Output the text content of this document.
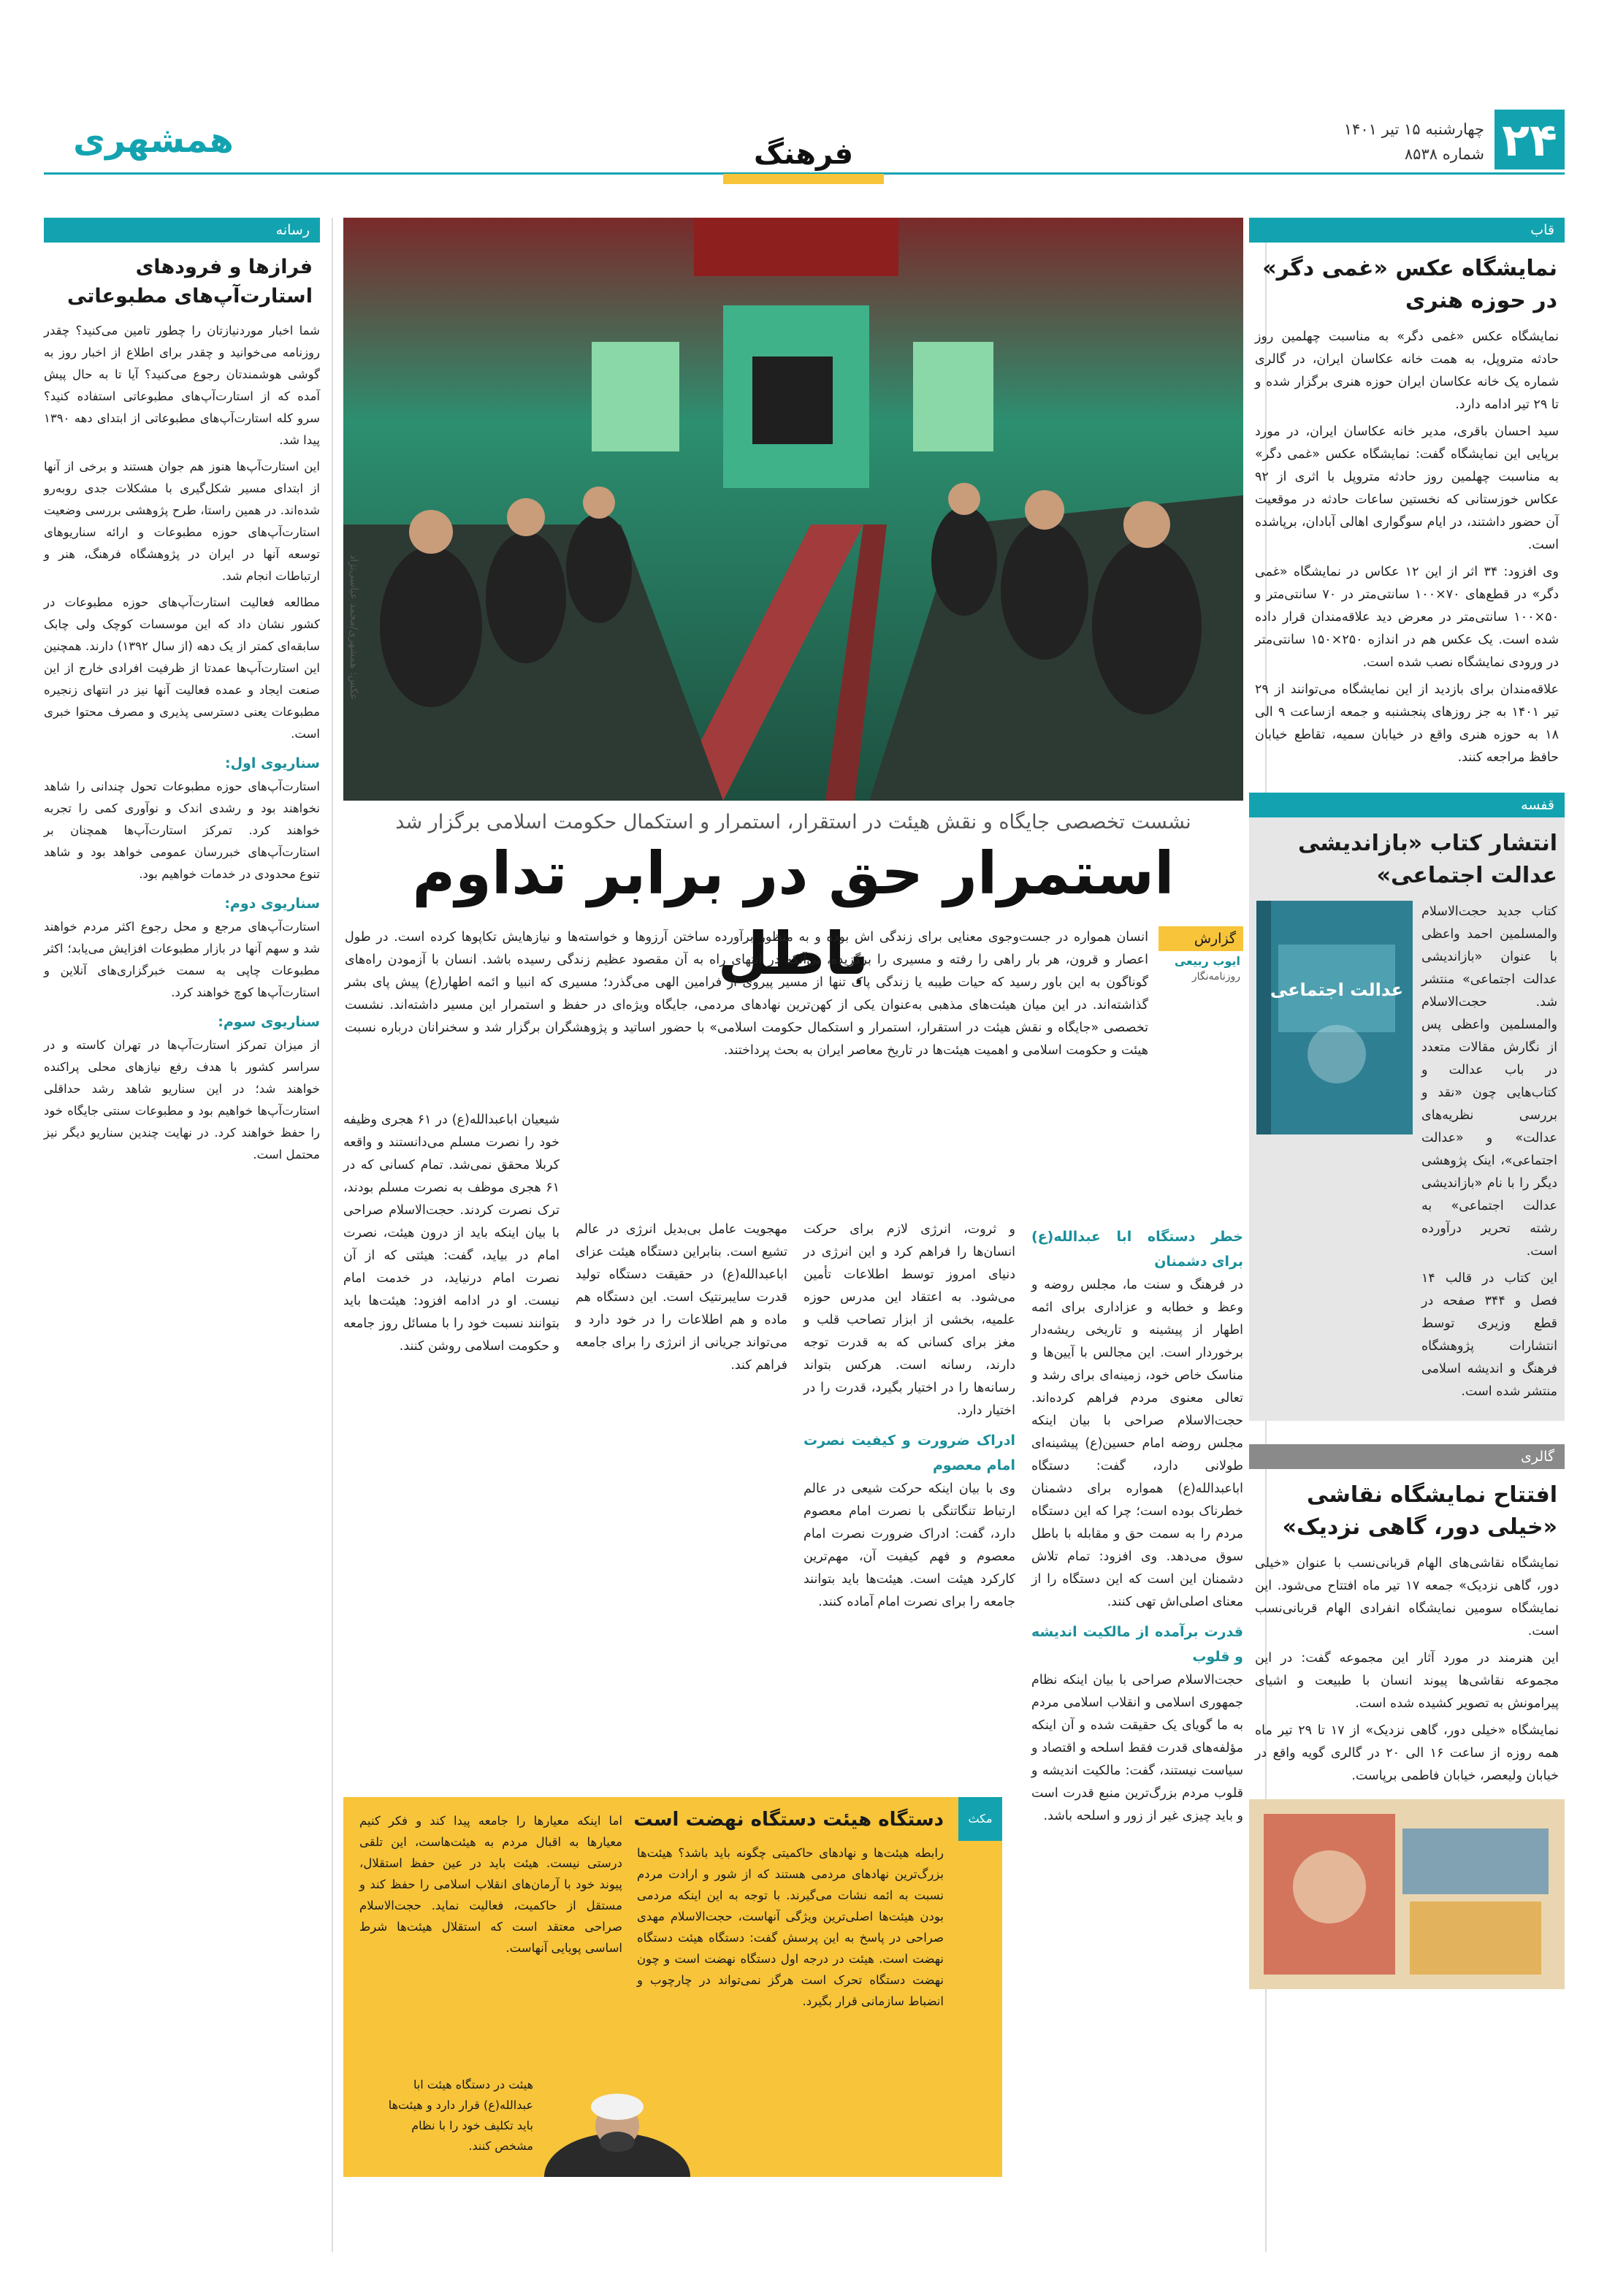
۲۴
چهارشنبه ۱۵ تیر ۱۴۰۱
شماره ۸۵۳۸
همشهری	فرهنگ
قاب
نمایشگاه عکس «غمی دگر» در حوزه هنری

نمایشگاه عکس «غمی دگر» به مناسبت چهلمین روز حادثه متروپل، به همت خانه عکاسان ایران، در گالری شماره یک خانه عکاسان ایران حوزه هنری برگزار شده و تا ۲۹ تیر ادامه دارد.

سید احسان باقری، مدیر خانه عکاسان ایران، در مورد برپایی این نمایشگاه گفت: نمایشگاه عکس «غمی دگر» به مناسبت چهلمین روز حادثه متروپل با اثری از ۹۲ عکاس خوزستانی که نخستین ساعات حادثه در موقعیت آن حضور داشتند، در ایام سوگواری اهالی آبادان، برپاشده است.

وی افزود: ۳۴ اثر از این ۱۲ عکاس در نمایشگاه «غمی دگر» در قطع‌های ۷۰×۱۰۰ سانتی‌متر در ۷۰ سانتی‌متر و ۵۰×۱۰۰ سانتی‌متر در معرض دید علاقه‌مندان قرار داده شده است. یک عکس هم در اندازه ۲۵۰×۱۵۰ سانتی‌متر در ورودی نمایشگاه نصب شده است.

علاقه‌مندان برای بازدید از این نمایشگاه می‌توانند از ۲۹ تیر ۱۴۰۱ به جز روزهای پنجشنبه و جمعه ازساعت ۹ الی ۱۸ به حوزه هنری واقع در خیابان سمیه، تقاطع خیابان حافظ مراجعه کنند.

قفسه
انتشار کتاب «بازاندیشی عدالت اجتماعی»

کتاب جدید حجت‌الاسلام والمسلمین احمد واعظی با عنوان «بازاندیشی عدالت اجتماعی» منتشر شد. حجت‌الاسلام والمسلمین واعظی پس از نگارش مقالات متعدد در باب عدالت و کتاب‌هایی چون «نقد و بررسی نظریه‌های عدالت» و «عدالت اجتماعی»، اینک پژوهشی دیگر را با نام «بازاندیشی عدالت اجتماعی» به رشته تحریر درآورده است.

این کتاب در قالب ۱۴ فصل و ۳۴۴ صفحه در قطع وزیری توسط انتشارات پژوهشگاه فرهنگ و اندیشه اسلامی منتشر شده است.

عدالت اجتماعی
گالری
افتتاح نمایشگاه نقاشی «خیلی دور، گاهی نزدیک»

نمایشگاه نقاشی‌های الهام قربانی‌نسب با عنوان «خیلی دور، گاهی نزدیک» جمعه ۱۷ تیر ماه افتتاح می‌شود. این نمایشگاه سومین نمایشگاه انفرادی الهام قربانی‌نسب است.

این هنرمند در مورد آثار این مجموعه گفت: در این مجموعه نقاشی‌ها پیوند انسان با طبیعت و اشیای پیرامونش به تصویر کشیده شده است.

نمایشگاه «خیلی دور، گاهی نزدیک» از ۱۷ تا ۲۹ تیر ماه همه روزه از ساعت ۱۶ الی ۲۰ در گالری گویه واقع در خیابان ولیعصر، خیابان فاطمی برپاست.

رسانه
فرازها و فرودهای استارت‌آپ‌های مطبوعاتی

شما اخبار موردنیازتان را چطور تامین می‌کنید؟ چقدر روزنامه می‌خوانید و چقدر برای اطلاع از اخبار روز به گوشی هوشمندتان رجوع می‌کنید؟ آیا تا به حال پیش آمده که از استارت‌آپ‌های مطبوعاتی استفاده کنید؟ سرو کله استارت‌آپ‌های مطبوعاتی از ابتدای دهه ۱۳۹۰ پیدا شد.

این استارت‌آپ‌ها هنوز هم جوان هستند و برخی از آنها از ابتدای مسیر شکل‌گیری با مشکلات جدی روبه‌رو شده‌اند. در همین راستا، طرح پژوهشی بررسی وضعیت استارت‌آپ‌های حوزه مطبوعات و ارائه سناریوهای توسعه آنها در ایران در پژوهشگاه فرهنگ، هنر و ارتباطات انجام شد.

مطالعه فعالیت استارت‌آپ‌های حوزه مطبوعات در کشور نشان داد که این موسسات کوچک ولی چابک سابقه‌ای کمتر از یک دهه (از سال ۱۳۹۲) دارند. همچنین این استارت‌آپ‌ها عمدتا از ظرفیت افرادی خارج از این صنعت ایجاد و عمده فعالیت آنها نیز در انتهای زنجیره مطبوعات یعنی دسترسی پذیری و مصرف محتوا خبری است.

سناریوی اول:

استارت‌آپ‌های حوزه مطبوعات تحول چندانی را شاهد نخواهند بود و رشدی اندک و نوآوری کمی را تجربه خواهند کرد. تمرکز استارت‌آپ‌ها همچنان بر استارت‌آپ‌های خبررسان عمومی خواهد بود و شاهد تنوع محدودی در خدمات خواهیم بود.

سناریوی دوم:

استارت‌آپ‌های مرجع و محل رجوع اکثر مردم خواهند شد و سهم آنها در بازار مطبوعات افزایش می‌یابد؛ اکثر مطبوعات چاپی به سمت خبرگزاری‌های آنلاین و استارت‌آپ‌ها کوچ خواهند کرد.

سناریوی سوم:

از میزان تمرکز استارت‌آپ‌ها در تهران کاسته و در سراسر کشور با هدف رفع نیازهای محلی پراکنده خواهند شد؛ در این سناریو شاهد رشد حداقلی استارت‌آپ‌ها خواهیم بود و مطبوعات سنتی جایگاه خود را حفظ خواهند کرد. در نهایت چندین سناریو دیگر نیز محتمل است.

عکس: همشهری/محمد عباسی‌نژاد
نشست تخصصی جایگاه و نقش هیئت در استقرار، استمرار و استکمال حکومت اسلامی برگزار شد
استمرار حق در برابر تداوم باطل	گزارش
ایوب ربیعی
روزنامه‌نگار
انسان همواره در جست‌وجوی معنایی برای زندگی اش بوده و به منظور برآورده ساختن آرزوها و خواسته‌ها و نیازهایش تکاپوها کرده است. در طول اعصار و قرون، هر بار راهی را رفته و مسیری را برگزیده، بی‌آنکه در انتهای راه به آن مقصود عظیم زندگی رسیده باشد. انسان با آزمودن راه‌های گوناگون به این باور رسید که حیات طیبه یا زندگی پاک تنها از مسیر پیروی از فرامین الهی می‌گذرد؛ مسیری که انبیا و ائمه اطهار(ع) پیش پای بشر گذاشته‌اند. در این میان هیئت‌های مذهبی به‌عنوان یکی از کهن‌ترین نهادهای مردمی، جایگاه ویژه‌ای در حفظ و استمرار این مسیر داشته‌اند. نشست تخصصی «جایگاه و نقش هیئت در استقرار، استمرار و استکمال حکومت اسلامی» با حضور اساتید و پژوهشگران برگزار شد و سخنرانان درباره نسبت هیئت و حکومت اسلامی و اهمیت هیئت‌ها در تاریخ معاصر ایران به بحث پرداختند.
خطر دستگاه ابا عبدالله(ع) برای دشمنان

در فرهنگ و سنت ما، مجلس روضه و وعظ و خطابه و عزاداری برای ائمه اطهار از پیشینه و تاریخی ریشه‌دار برخوردار است. این مجالس با آیین‌ها و مناسک خاص خود، زمینه‌ای برای رشد و تعالی معنوی مردم فراهم کرده‌اند. حجت‌الاسلام صراحی با بیان اینکه مجلس روضه امام حسین(ع) پیشینه‌ای طولانی دارد، گفت: دستگاه اباعبدالله(ع) همواره برای دشمنان خطرناک بوده است؛ چرا که این دستگاه مردم را به سمت حق و مقابله با باطل سوق می‌دهد. وی افزود: تمام تلاش دشمنان این است که این دستگاه را از معنای اصلی‌اش تهی کنند.

قدرت برآمده از مالکیت اندیشه و قلوب

حجت‌الاسلام صراحی با بیان اینکه نظام جمهوری اسلامی و انقلاب اسلامی مردم به ما گویای یک حقیقت شده و آن اینکه مؤلفه‌های قدرت فقط اسلحه و اقتصاد و سیاست نیستند، گفت: مالکیت اندیشه و قلوب مردم بزرگ‌ترین منبع قدرت است و باید چیزی غیر از زور و اسلحه باشد.

و ثروت، انرژی لازم برای حرکت انسان‌ها را فراهم کرد و این انرژی در دنیای امروز توسط اطلاعات تأمین می‌شود. به اعتقاد این مدرس حوزه علمیه، بخشی از ابزار تصاحب قلب و مغز برای کسانی که به قدرت توجه دارند، رسانه است. هرکس بتواند رسانه‌ها را در اختیار بگیرد، قدرت را در اختیار دارد.

ادراک ضرورت و کیفیت نصرت امام معصوم

وی با بیان اینکه حرکت شیعی در عالم ارتباط تنگاتنگی با نصرت امام معصوم دارد، گفت: ادراک ضرورت نصرت امام معصوم و فهم کیفیت آن، مهم‌ترین کارکرد هیئت است. هیئت‌ها باید بتوانند جامعه را برای نصرت امام آماده کنند.

مهجویت عامل بی‌بدیل انرژی در عالم تشیع است. بنابراین دستگاه هیئت عزای اباعبدالله(ع) در حقیقت دستگاه تولید قدرت سایبرنتیک است. این دستگاه هم ماده و هم اطلاعات را در خود دارد و می‌تواند جریانی از انرژی را برای جامعه فراهم کند.

شیعیان اباعبدالله(ع) در ۶۱ هجری وظیفه خود را نصرت مسلم می‌دانستند و واقعه کربلا محقق نمی‌شد. تمام کسانی که در ۶۱ هجری موظف به نصرت مسلم بودند، ترک نصرت کردند. حجت‌الاسلام صراحی با بیان اینکه باید از درون هیئت، نصرت امام در بیاید، گفت: هیئتی که از آن نصرت امام درنیاید، در خدمت امام نیست. او در ادامه افزود: هیئت‌ها باید بتوانند نسبت خود را با مسائل روز جامعه و حکومت اسلامی روشن کنند.

مکث
دستگاه هیئت دستگاه نهضت است
رابطه هیئت‌ها و نهادهای حاکمیتی چگونه باید باشد؟ هیئت‌ها بزرگ‌ترین نهادهای مردمی هستند که از شور و ارادت مردم نسبت به ائمه نشات می‌گیرند. با توجه به این اینکه مردمی بودن هیئت‌ها اصلی‌ترین ویژگی آنهاست، حجت‌الاسلام مهدی صراحی در پاسخ به این پرسش گفت: دستگاه هیئت دستگاه نهضت است. هیئت در درجه اول دستگاه نهضت است و چون نهضت دستگاه تحرک است هرگز نمی‌تواند در چارچوب و انضباط سازمانی قرار بگیرد.
اما اینکه معیارها را جامعه پیدا کند و فکر کنیم معیارها به اقبال مردم به هیئت‌هاست، این تلقی درستی نیست. هیئت باید در عین حفظ استقلال، پیوند خود با آرمان‌های انقلاب اسلامی را حفظ کند و مستقل از حاکمیت، فعالیت نماید. حجت‌الاسلام صراحی معتقد است که استقلال هیئت‌ها شرط اساسی پویایی آنهاست.
هیئت در دستگاه هیئت ابا عبدالله(ع) قرار دارد و هیئت‌ها باید تکلیف خود را با نظام مشخص کنند.
